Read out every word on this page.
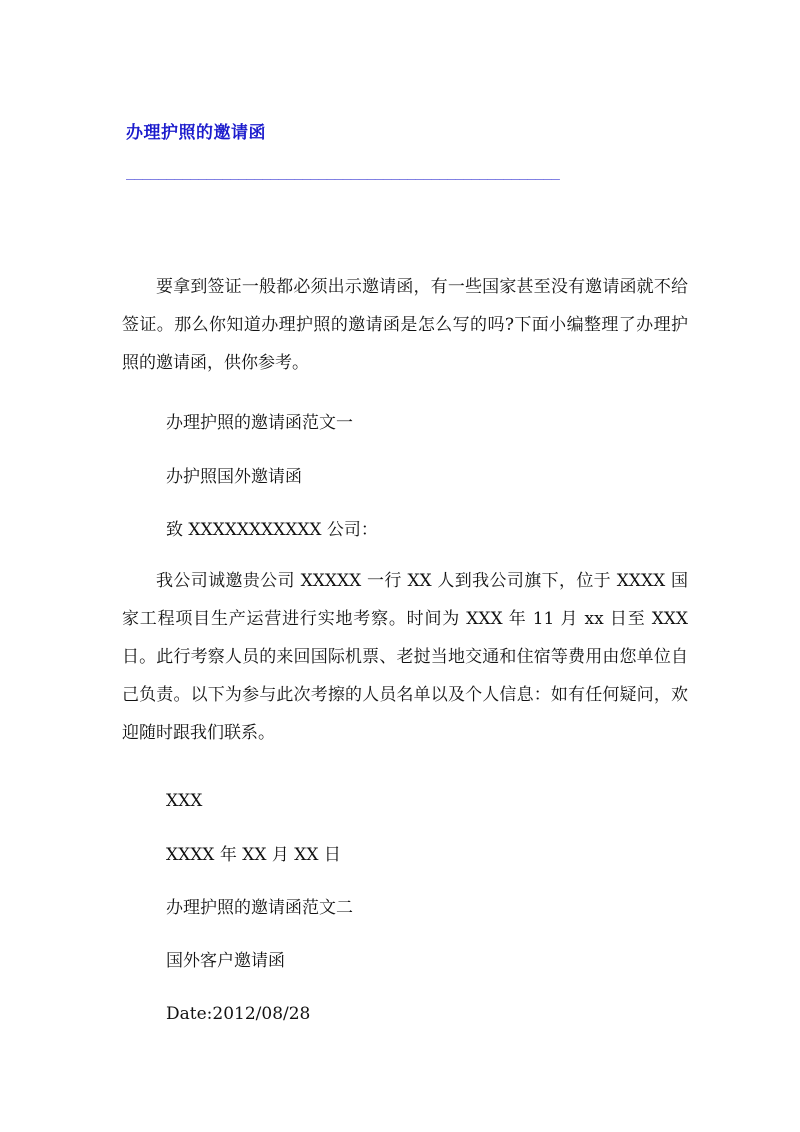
办理护照的邀请函
______________________________________________________

要拿到签证一般都必须出示邀请函，有一些国家甚至没有邀请函就不给签证。那么你知道办理护照的邀请函是怎么写的吗?下面小编整理了办理护照的邀请函，供你参考。

办理护照的邀请函范文一

办护照国外邀请函

致 XXXXXXXXXXX 公司：

我公司诚邀贵公司 XXXXX 一行 XX 人到我公司旗下，位于 XXXX 国家工程项目生产运营进行实地考察。时间为 XXX 年 11 月 xx 日至 XXX 日。此行考察人员的来回国际机票、老挝当地交通和住宿等费用由您单位自己负责。以下为参与此次考擦的人员名单以及个人信息：如有任何疑问，欢迎随时跟我们联系。

XXX

XXXX 年 XX 月 XX 日

办理护照的邀请函范文二

国外客户邀请函

Date:2012/08/28
